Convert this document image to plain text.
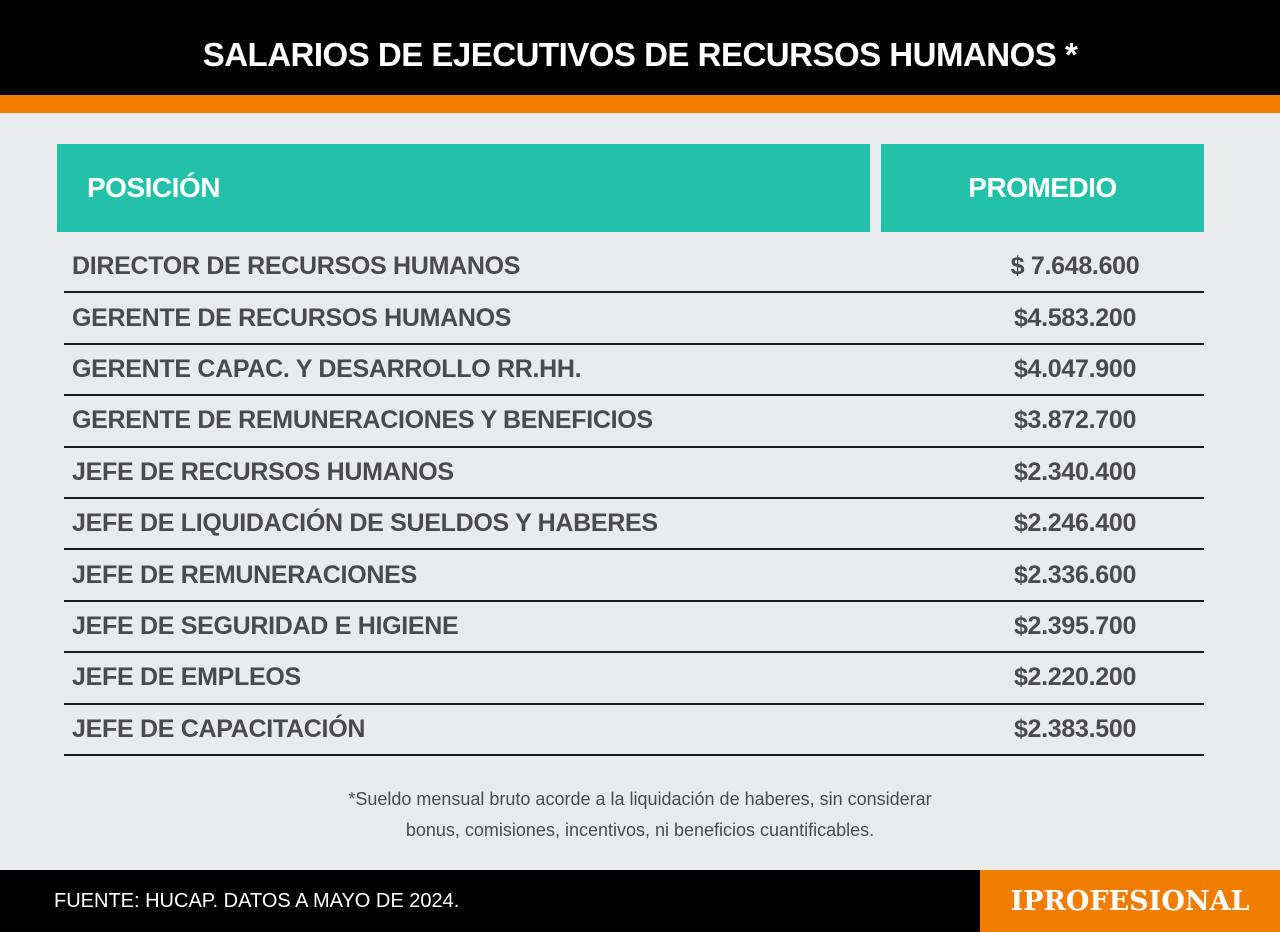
SALARIOS DE EJECUTIVOS DE RECURSOS HUMANOS *
POSICIÓN	PROMEDIO
DIRECTOR DE RECURSOS HUMANOS	$ 7.648.600
GERENTE DE RECURSOS HUMANOS	$4.583.200
GERENTE CAPAC. Y DESARROLLO RR.HH.	$4.047.900
GERENTE DE REMUNERACIONES Y BENEFICIOS	$3.872.700
JEFE DE RECURSOS HUMANOS	$2.340.400
JEFE DE LIQUIDACIÓN DE SUELDOS Y HABERES	$2.246.400
JEFE DE REMUNERACIONES	$2.336.600
JEFE DE SEGURIDAD E HIGIENE	$2.395.700
JEFE DE EMPLEOS	$2.220.200
JEFE DE CAPACITACIÓN	$2.383.500
*Sueldo mensual bruto acorde a la liquidación de haberes, sin considerar
bonus, comisiones, incentivos, ni beneficios cuantificables.
FUENTE: HUCAP. DATOS A MAYO DE 2024.	IPROFESIONAL
